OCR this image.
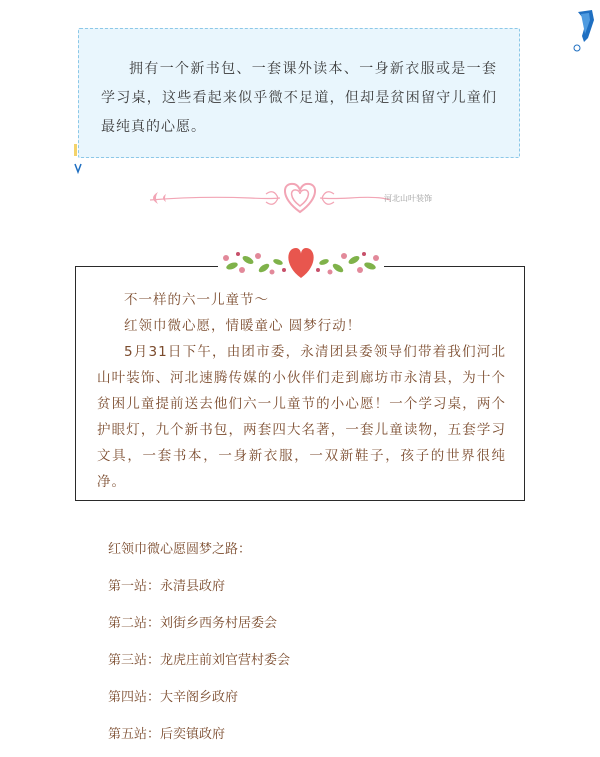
拥有一个新书包、一套课外读本、一身新衣服或是一套学习桌，这些看起来似乎微不足道，但却是贫困留守儿童们最纯真的心愿。

河北山叶装饰

不一样的六一儿童节～

红领巾微心愿，情暖童心 圆梦行动！

5月31日下午，由团市委，永清团县委领导们带着我们河北山叶装饰、河北速腾传媒的小伙伴们走到廊坊市永清县，为十个贫困儿童提前送去他们六一儿童节的小心愿！一个学习桌，两个护眼灯，九个新书包，两套四大名著，一套儿童读物，五套学习文具，一套书本，一身新衣服，一双新鞋子，孩子的世界很纯净。

红领巾微心愿圆梦之路：
第一站：永清县政府
第二站：刘街乡西务村居委会
第三站：龙虎庄前刘官营村委会
第四站：大辛阁乡政府
第五站：后奕镇政府
